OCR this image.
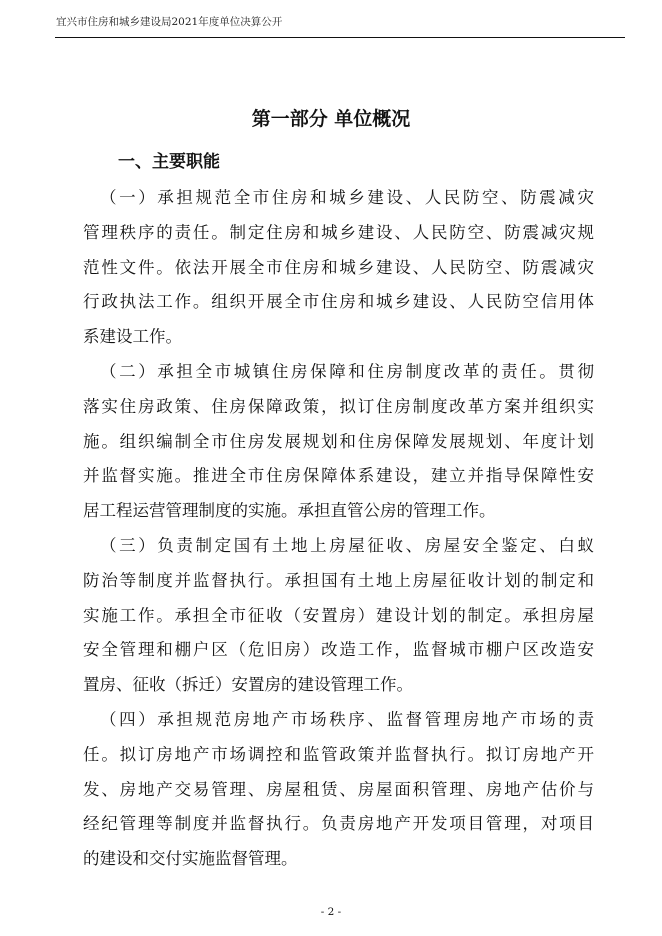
宜兴市住房和城乡建设局2021年度单位决算公开
第一部分 单位概况
一、主要职能
（一）承担规范全市住房和城乡建设、人民防空、防震减灾
管理秩序的责任。制定住房和城乡建设、人民防空、防震减灾规
范性文件。依法开展全市住房和城乡建设、人民防空、防震减灾
行政执法工作。组织开展全市住房和城乡建设、人民防空信用体
系建设工作。
（二）承担全市城镇住房保障和住房制度改革的责任。贯彻
落实住房政策、住房保障政策，拟订住房制度改革方案并组织实
施。组织编制全市住房发展规划和住房保障发展规划、年度计划
并监督实施。推进全市住房保障体系建设，建立并指导保障性安
居工程运营管理制度的实施。承担直管公房的管理工作。
（三）负责制定国有土地上房屋征收、房屋安全鉴定、白蚁
防治等制度并监督执行。承担国有土地上房屋征收计划的制定和
实施工作。承担全市征收（安置房）建设计划的制定。承担房屋
安全管理和棚户区（危旧房）改造工作，监督城市棚户区改造安
置房、征收（拆迁）安置房的建设管理工作。
（四）承担规范房地产市场秩序、监督管理房地产市场的责
任。拟订房地产市场调控和监管政策并监督执行。拟订房地产开
发、房地产交易管理、房屋租赁、房屋面积管理、房地产估价与
经纪管理等制度并监督执行。负责房地产开发项目管理，对项目
的建设和交付实施监督管理。
- 2 -
